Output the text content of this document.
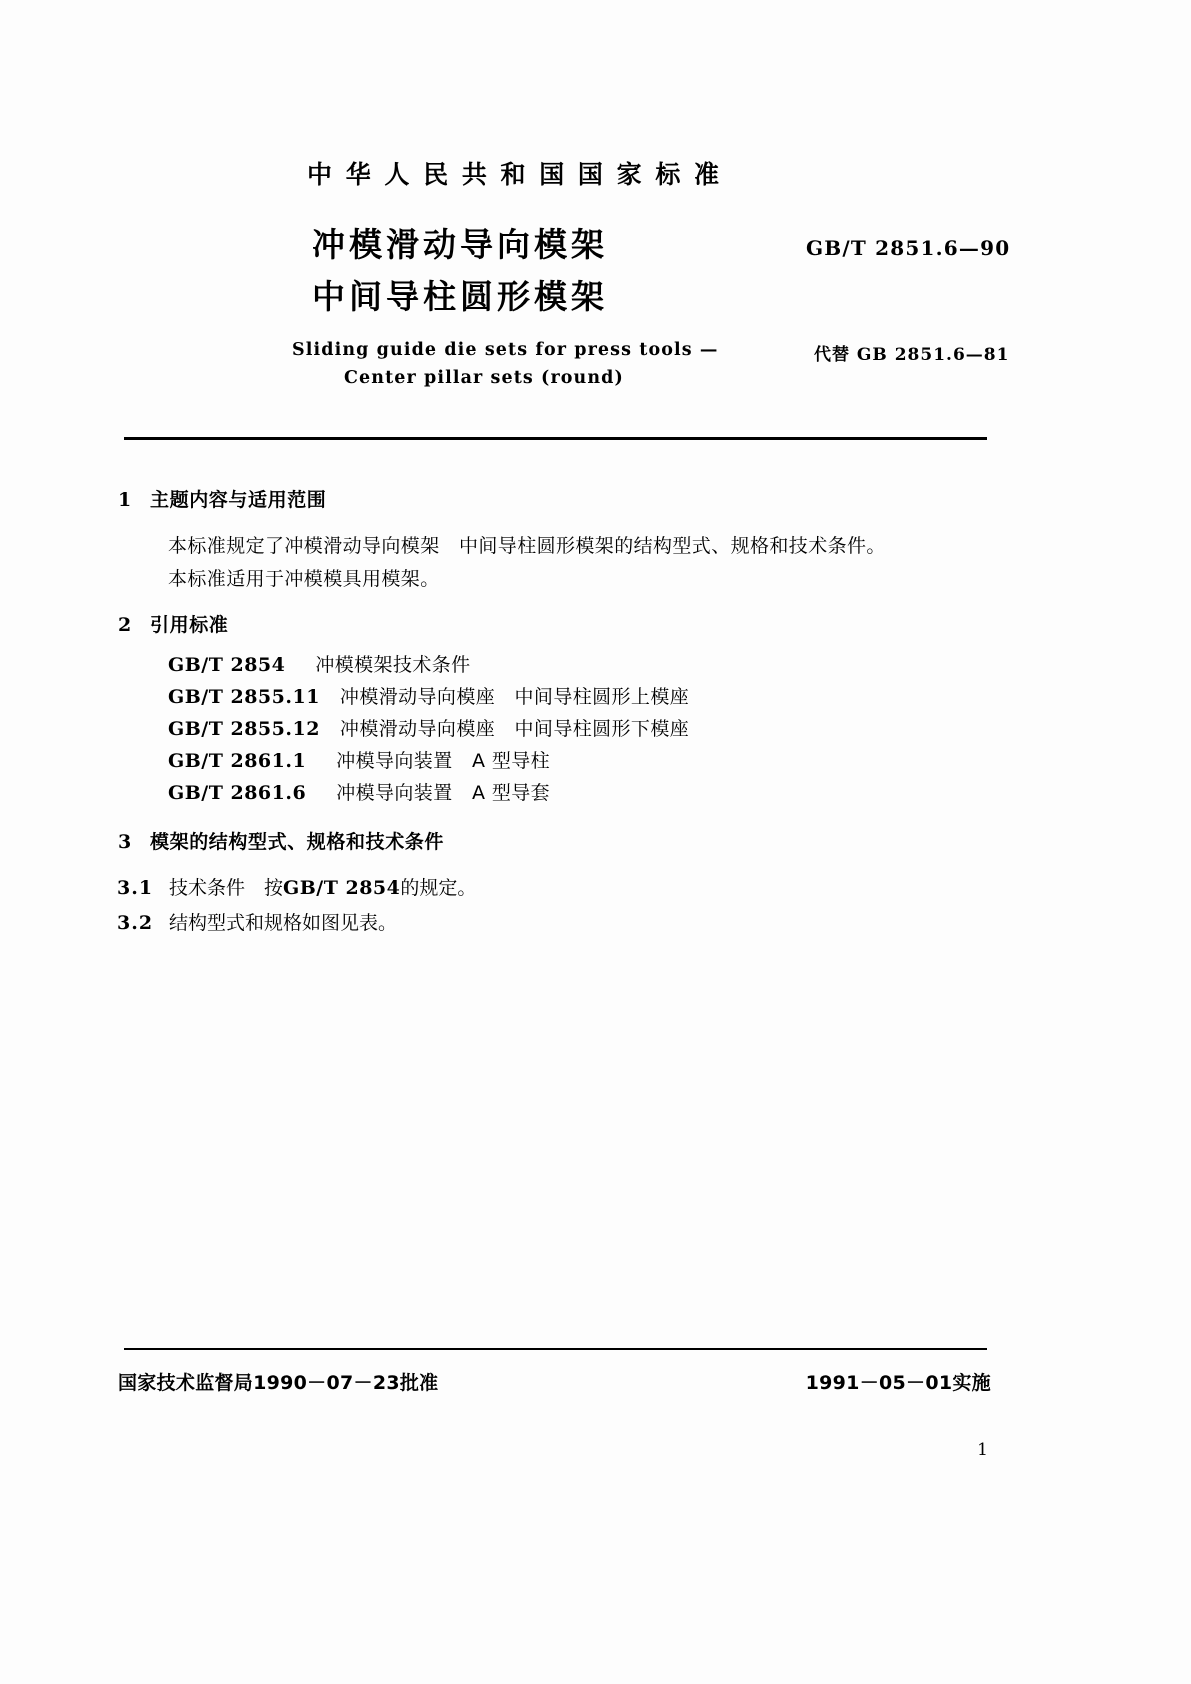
中 华 人 民 共 和 国 国 家 标 准
冲模滑动导向模架	GB/T 2851.6—90
中间导柱圆形模架
代替 GB 2851.6—81
Sliding guide die sets for press tools —
Center pillar sets (round)
1 主题内容与适用范围
本标准规定了冲模滑动导向模架　中间导柱圆形模架的结构型式、规格和技术条件。
本标准适用于冲模模具用模架。
2 引用标准
GB/T 2854 冲模模架技术条件
GB/T 2855.11 冲模滑动导向模座　中间导柱圆形上模座
GB/T 2855.12 冲模滑动导向模座　中间导柱圆形下模座
GB/T 2861.1 冲模导向装置　A 型导柱
GB/T 2861.6 冲模导向装置　A 型导套
3 模架的结构型式、规格和技术条件
3.1 技术条件　按GB/T 2854的规定。
3.2 结构型式和规格如图见表。
国家技术监督局1990－07－23批准	1991－05－01实施
1
